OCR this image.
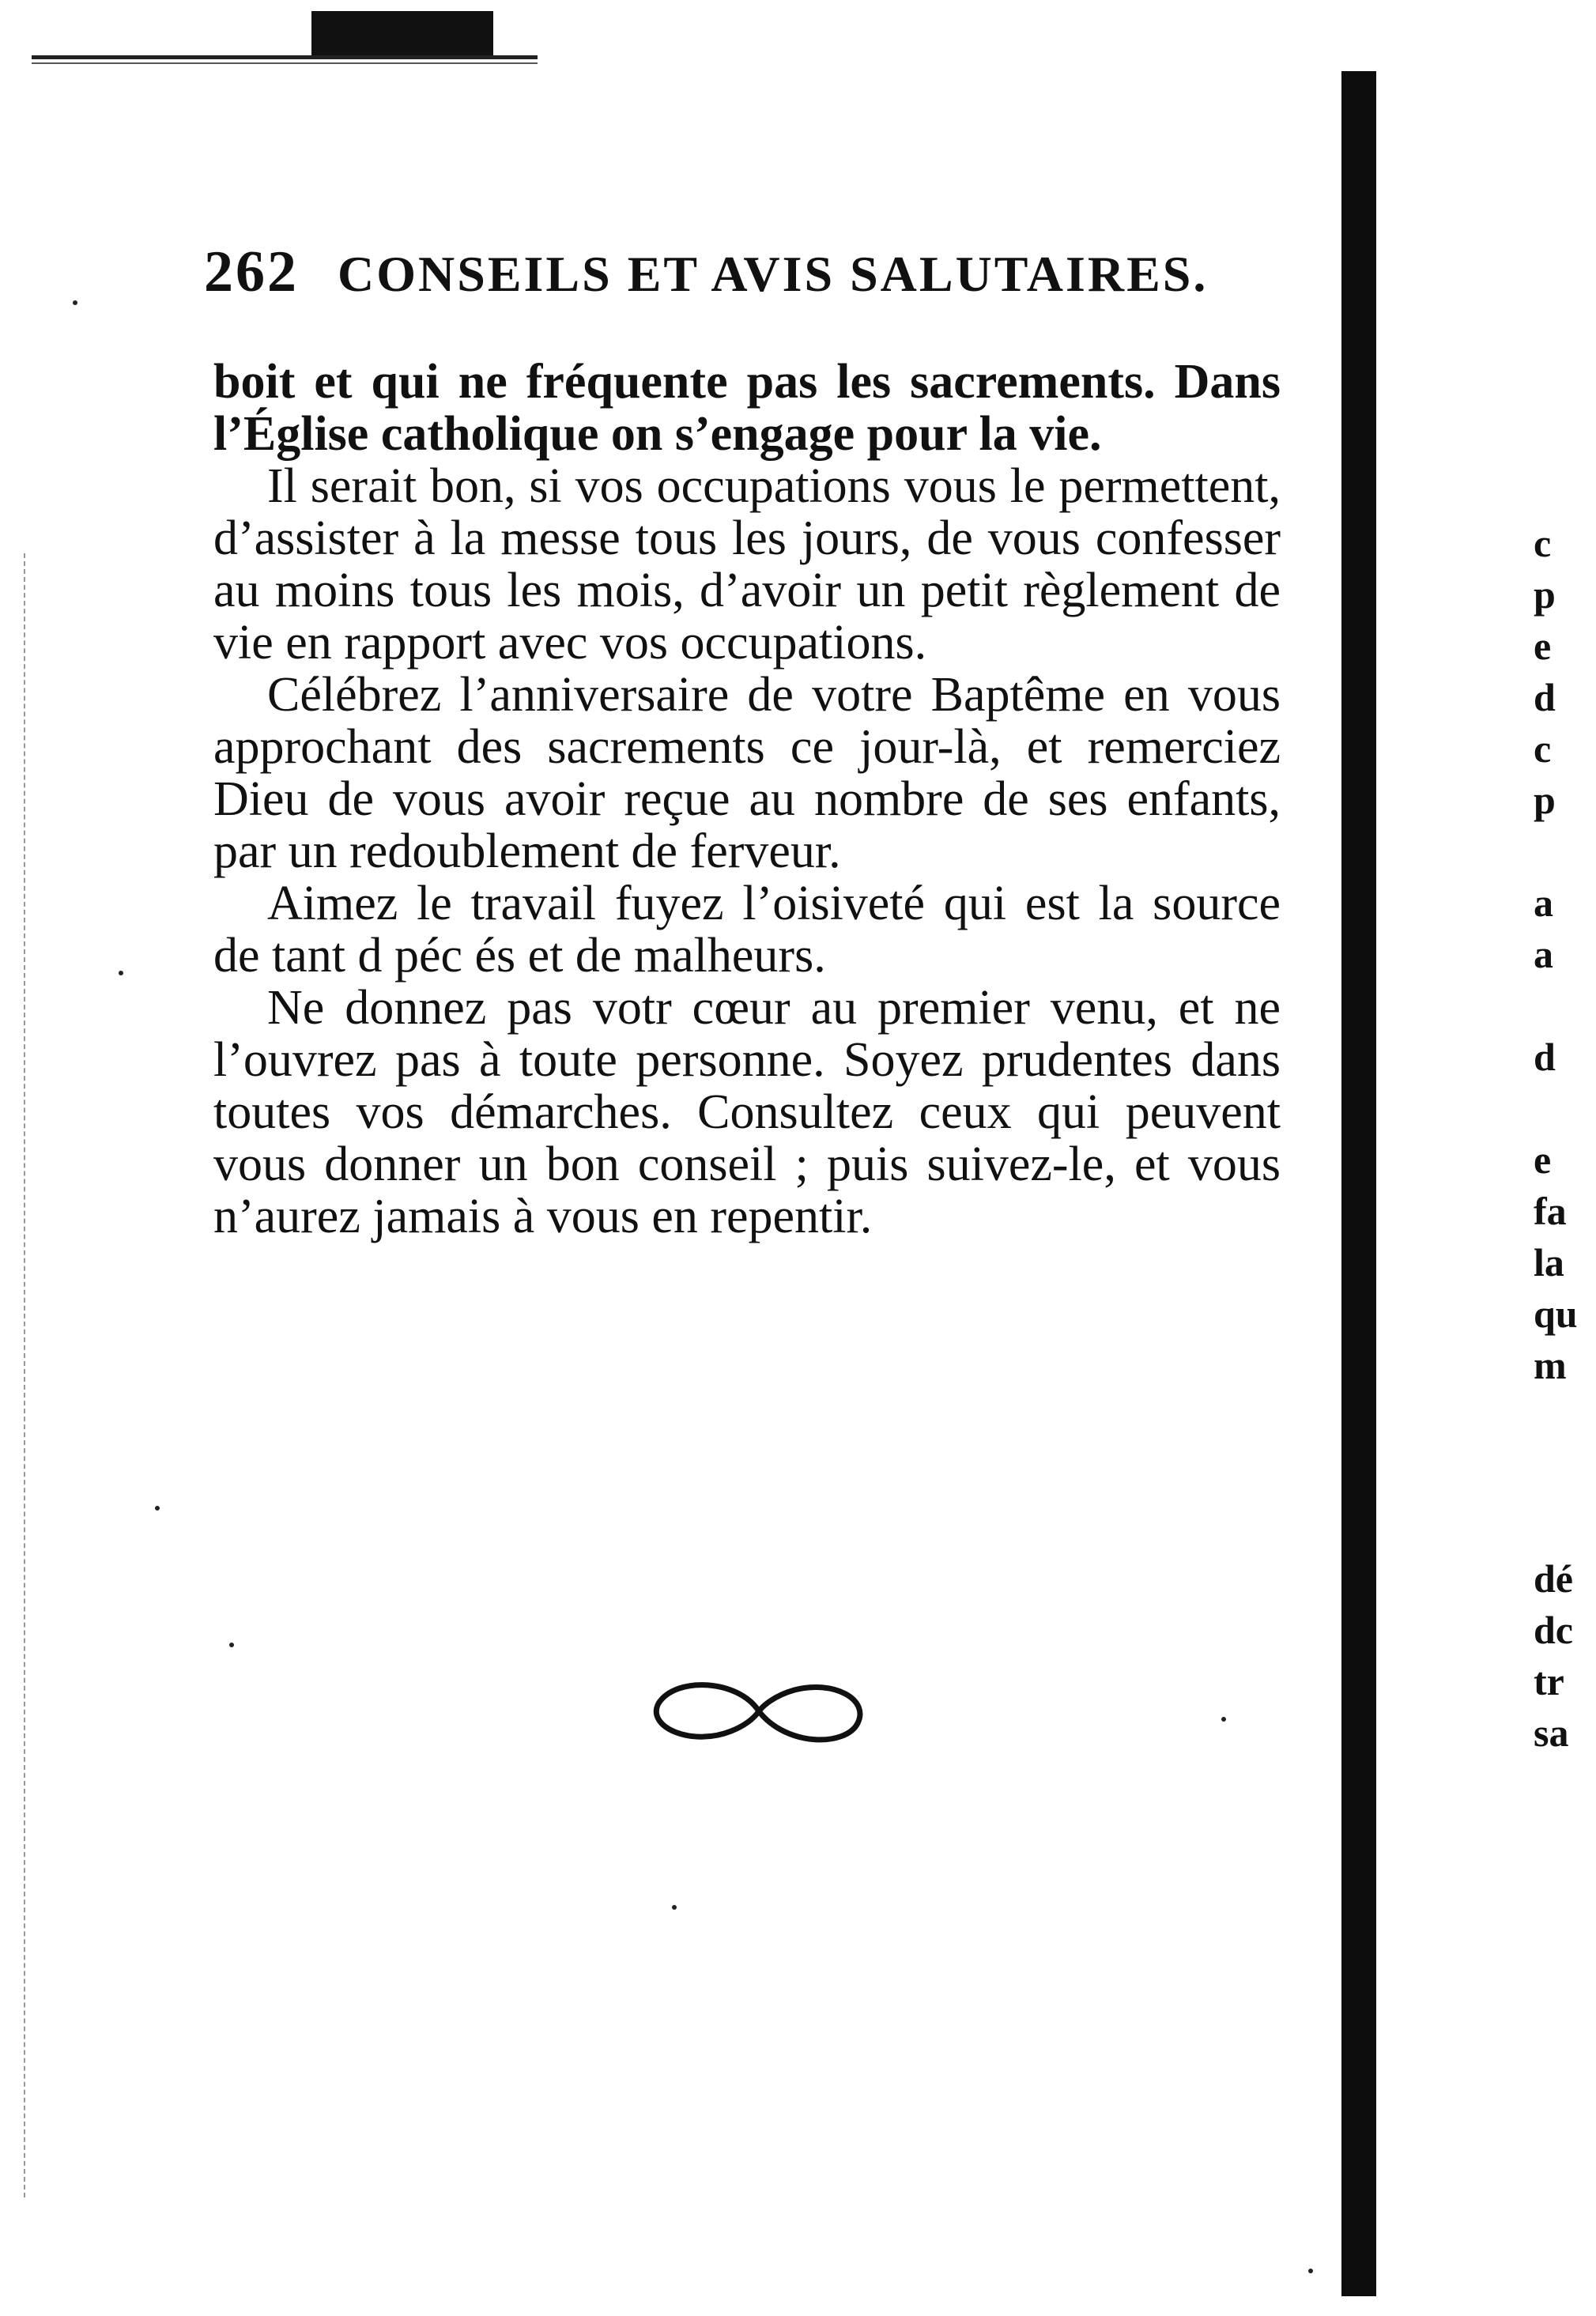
262 CONSEILS ET AVIS SALUTAIRES.

boit et qui ne fréquente pas les sacrements. Dans l’Église catholique on s’engage pour la vie.

Il serait bon, si vos occupations vous le permettent, d’assister à la messe tous les jours, de vous confesser au moins tous les mois, d’avoir un petit règlement de vie en rapport avec vos occupations.

Célébrez l’anniversaire de votre Baptême en vous approchant des sacrements ce jour-là, et remerciez Dieu de vous avoir reçue au nombre de ses enfants, par un redoublement de ferveur.

Aimez le travail fuyez l’oisiveté qui est la source de tant d péc és et de malheurs.

Ne donnez pas votr cœur au premier venu, et ne l’ouvrez pas à toute personne. Soyez prudentes dans toutes vos démarches. Consultez ceux qui peuvent vous donner un bon conseil ; puis suivez-le, et vous n’aurez jamais à vous en repentir.

c
p
e
d
c
p

a
a

d

e
fa
la
qu
m
dé
dc
tr
sa
